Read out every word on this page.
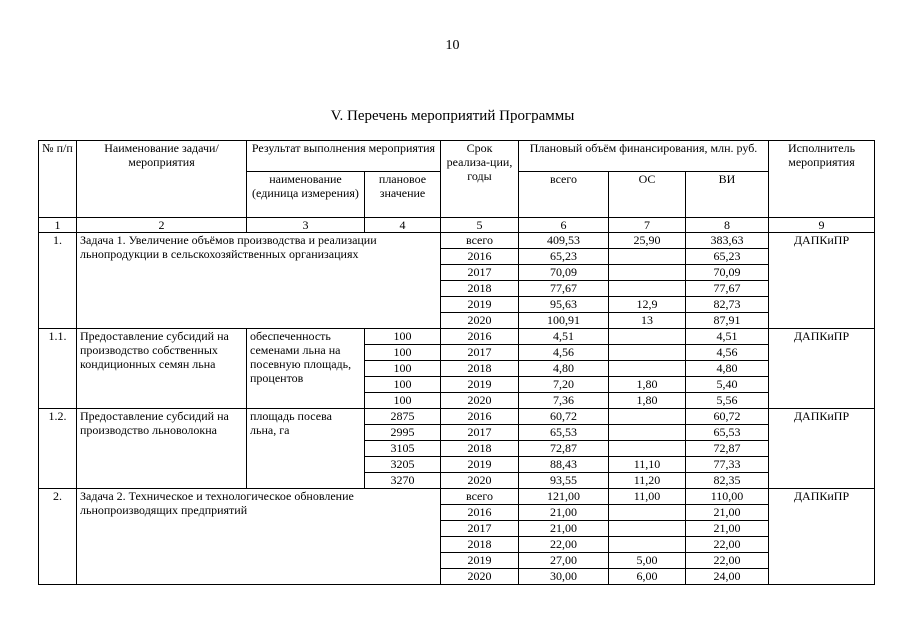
10
V. Перечень мероприятий Программы
№ п/п	Наименование задачи/ мероприятия	Результат выполнения мероприятия		Срок реализа-ции, годы	Плановый объём финансирования, млн. руб.			Исполнитель мероприятия
		наименование (единица измерения)	плановое значение		всего	ОС	ВИ	
1	2	3	4	5	6	7	8	9
1.	Задача 1. Увеличение объёмов производства и реализации льнопродукции в сельскохозяйственных организациях			всего	409,53	25,90	383,63	ДАПКиПР
				2016	65,23		65,23	
				2017	70,09		70,09	
				2018	77,67		77,67	
				2019	95,63	12,9	82,73	
				2020	100,91	13	87,91	
1.1.	Предоставление субсидий на производство собственных кондиционных семян льна	обеспеченность семенами льна на посевную площадь, процентов	100	2016	4,51		4,51	ДАПКиПР
			100	2017	4,56		4,56	
			100	2018	4,80		4,80	
			100	2019	7,20	1,80	5,40	
			100	2020	7,36	1,80	5,56	
1.2.	Предоставление субсидий на производство льноволокна	площадь посева льна, га	2875	2016	60,72		60,72	ДАПКиПР
			2995	2017	65,53		65,53	
			3105	2018	72,87		72,87	
			3205	2019	88,43	11,10	77,33	
			3270	2020	93,55	11,20	82,35	
2.	Задача 2. Техническое и технологическое обновление льнопроизводящих предприятий			всего	121,00	11,00	110,00	ДАПКиПР
				2016	21,00		21,00	
				2017	21,00		21,00	
				2018	22,00		22,00	
				2019	27,00	5,00	22,00	
				2020	30,00	6,00	24,00	
